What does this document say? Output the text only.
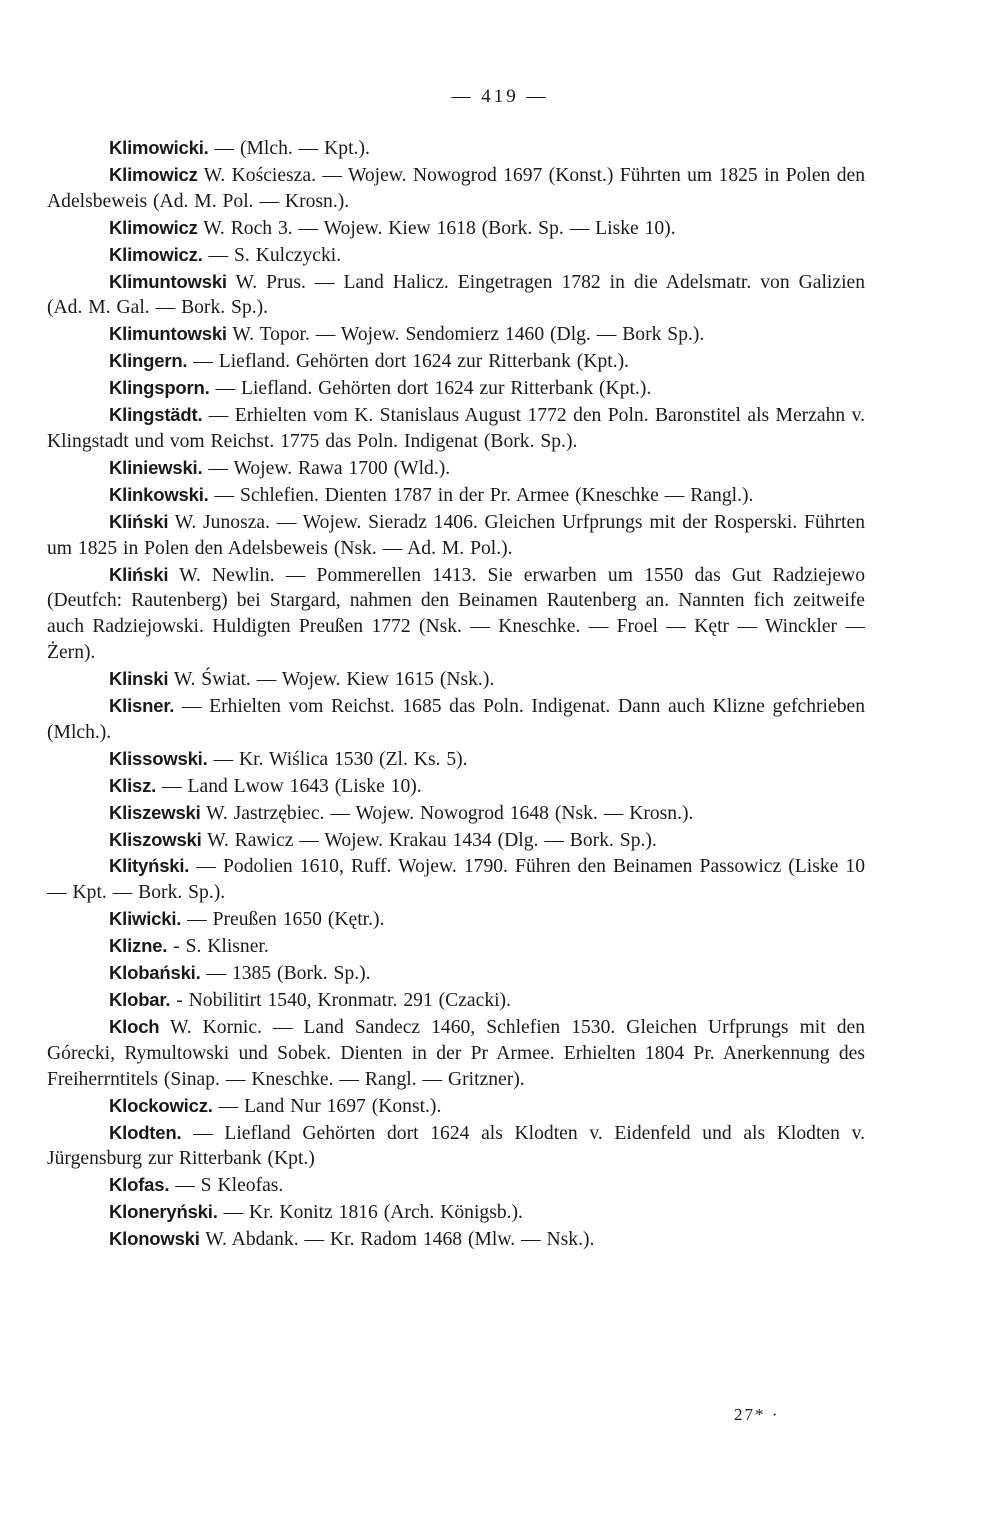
— 419 —
Klimowicki. — (Mlch. — Kpt.).
Klimowicz W. Kościesza. — Wojew. Nowogrod 1697 (Konst.) Führten um 1825 in Polen den Adelsbeweis (Ad. M. Pol. — Krosn.).
Klimowicz W. Roch 3. — Wojew. Kiew 1618 (Bork. Sp. — Liske 10).
Klimowicz. — S. Kulczycki.
Klimuntowski W. Prus. — Land Halicz. Eingetragen 1782 in die Adelsmatr. von Galizien (Ad. M. Gal. — Bork. Sp.).
Klimuntowski W. Topor. — Wojew. Sendomierz 1460 (Dlg. — Bork Sp.).
Klingern. — Liefland. Gehörten dort 1624 zur Ritterbank (Kpt.).
Klingsporn. — Liefland. Gehörten dort 1624 zur Ritterbank (Kpt.).
Klingstädt. — Erhielten vom K. Stanislaus August 1772 den Poln. Baronstitel als Merzahn v. Klingstadt und vom Reichst. 1775 das Poln. Indigenat (Bork. Sp.).
Kliniewski. — Wojew. Rawa 1700 (Wld.).
Klinkowski. — Schlefien. Dienten 1787 in der Pr. Armee (Kneschke — Rangl.).
Kliński W. Junosza. — Wojew. Sieradz 1406. Gleichen Urfprungs mit der Rosperski. Führten um 1825 in Polen den Adelsbeweis (Nsk. — Ad. M. Pol.).
Kliński W. Newlin. — Pommerellen 1413. Sie erwarben um 1550 das Gut Radziejewo (Deutfch: Rautenberg) bei Stargard, nahmen den Beinamen Rautenberg an. Nannten fich zeitweife auch Radziejowski. Huldigten Preußen 1772 (Nsk. — Kneschke. — Froel — Kętr — Winckler — Żern).
Klinski W. Świat. — Wojew. Kiew 1615 (Nsk.).
Klisner. — Erhielten vom Reichst. 1685 das Poln. Indigenat. Dann auch Klizne gefchrieben (Mlch.).
Klissowski. — Kr. Wiślica 1530 (Zl. Ks. 5).
Klisz. — Land Lwow 1643 (Liske 10).
Kliszewski W. Jastrzębiec. — Wojew. Nowogrod 1648 (Nsk. — Krosn.).
Kliszowski W. Rawicz — Wojew. Krakau 1434 (Dlg. — Bork. Sp.).
Klityński. — Podolien 1610, Ruff. Wojew. 1790. Führen den Beinamen Passowicz (Liske 10 — Kpt. — Bork. Sp.).
Kliwicki. — Preußen 1650 (Kętr.).
Klizne. - S. Klisner.
Klobański. — 1385 (Bork. Sp.).
Klobar. - Nobilitirt 1540, Kronmatr. 291 (Czacki).
Kloch W. Kornic. — Land Sandecz 1460, Schlefien 1530. Gleichen Urfprungs mit den Górecki, Rymultowski und Sobek. Dienten in der Pr Armee. Erhielten 1804 Pr. Anerkennung des Freiherrntitels (Sinap. — Kneschke. — Rangl. — Gritzner).
Klockowicz. — Land Nur 1697 (Konst.).
Klodten. — Liefland Gehörten dort 1624 als Klodten v. Eidenfeld und als Klodten v. Jürgensburg zur Ritterbank (Kpt.)
Klofas. — S Kleofas.
Kloneryński. — Kr. Konitz 1816 (Arch. Königsb.).
Klonowski W. Abdank. — Kr. Radom 1468 (Mlw. — Nsk.).
27* ·
